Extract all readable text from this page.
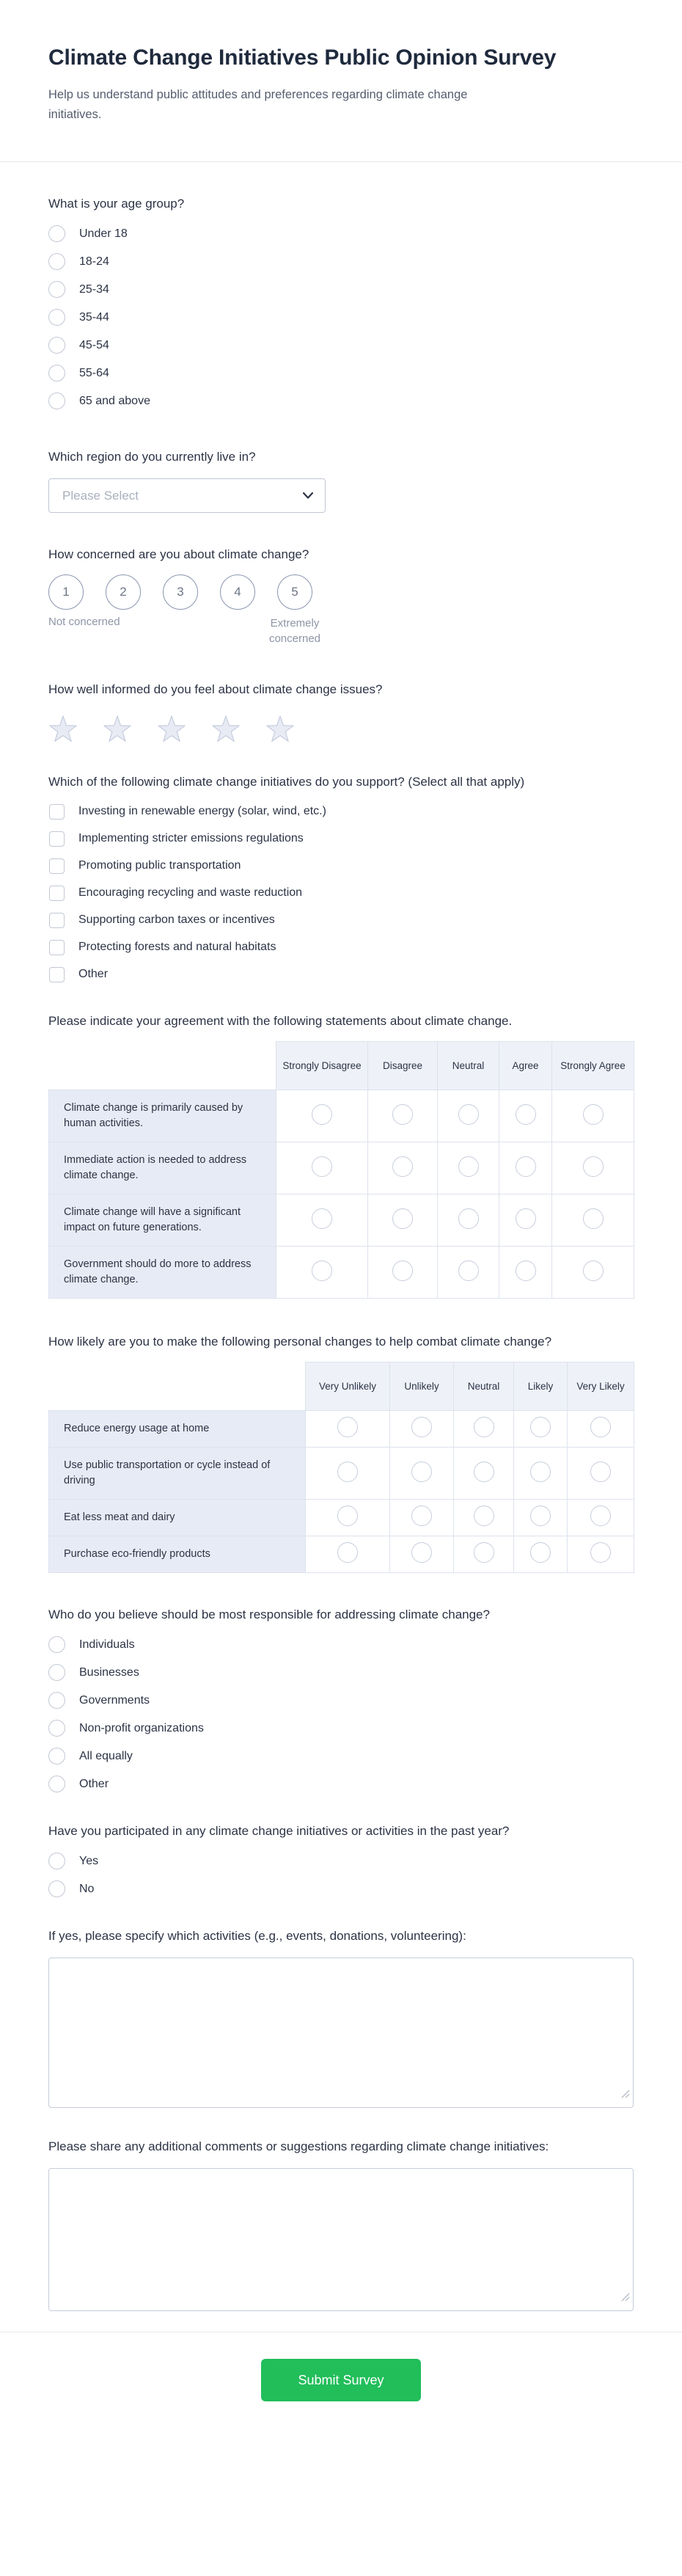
Climate Change Initiatives Public Opinion Survey
Help us understand public attitudes and preferences regarding climate change initiatives.
What is your age group?
Under 18
18-24
25-34
35-44
45-54
55-64
65 and above
Which region do you currently live in?
Please Select
How concerned are you about climate change?
1	2	3	4	5
Not concerned	Extremely concerned
How well informed do you feel about climate change issues?
Which of the following climate change initiatives do you support? (Select all that apply)
Investing in renewable energy (solar, wind, etc.)
Implementing stricter emissions regulations
Promoting public transportation
Encouraging recycling and waste reduction
Supporting carbon taxes or incentives
Protecting forests and natural habitats
Other
Please indicate your agreement with the following statements about climate change.
	Strongly Disagree	Disagree	Neutral	Agree	Strongly Agree
Climate change is primarily caused by human activities.					
Immediate action is needed to address climate change.					
Climate change will have a significant impact on future generations.					
Government should do more to address climate change.					
How likely are you to make the following personal changes to help combat climate change?
	Very Unlikely	Unlikely	Neutral	Likely	Very Likely
Reduce energy usage at home					
Use public transportation or cycle instead of driving					
Eat less meat and dairy					
Purchase eco-friendly products					
Who do you believe should be most responsible for addressing climate change?
Individuals
Businesses
Governments
Non-profit organizations
All equally
Other
Have you participated in any climate change initiatives or activities in the past year?
Yes
No
If yes, please specify which activities (e.g., events, donations, volunteering):
Please share any additional comments or suggestions regarding climate change initiatives:
Submit Survey
